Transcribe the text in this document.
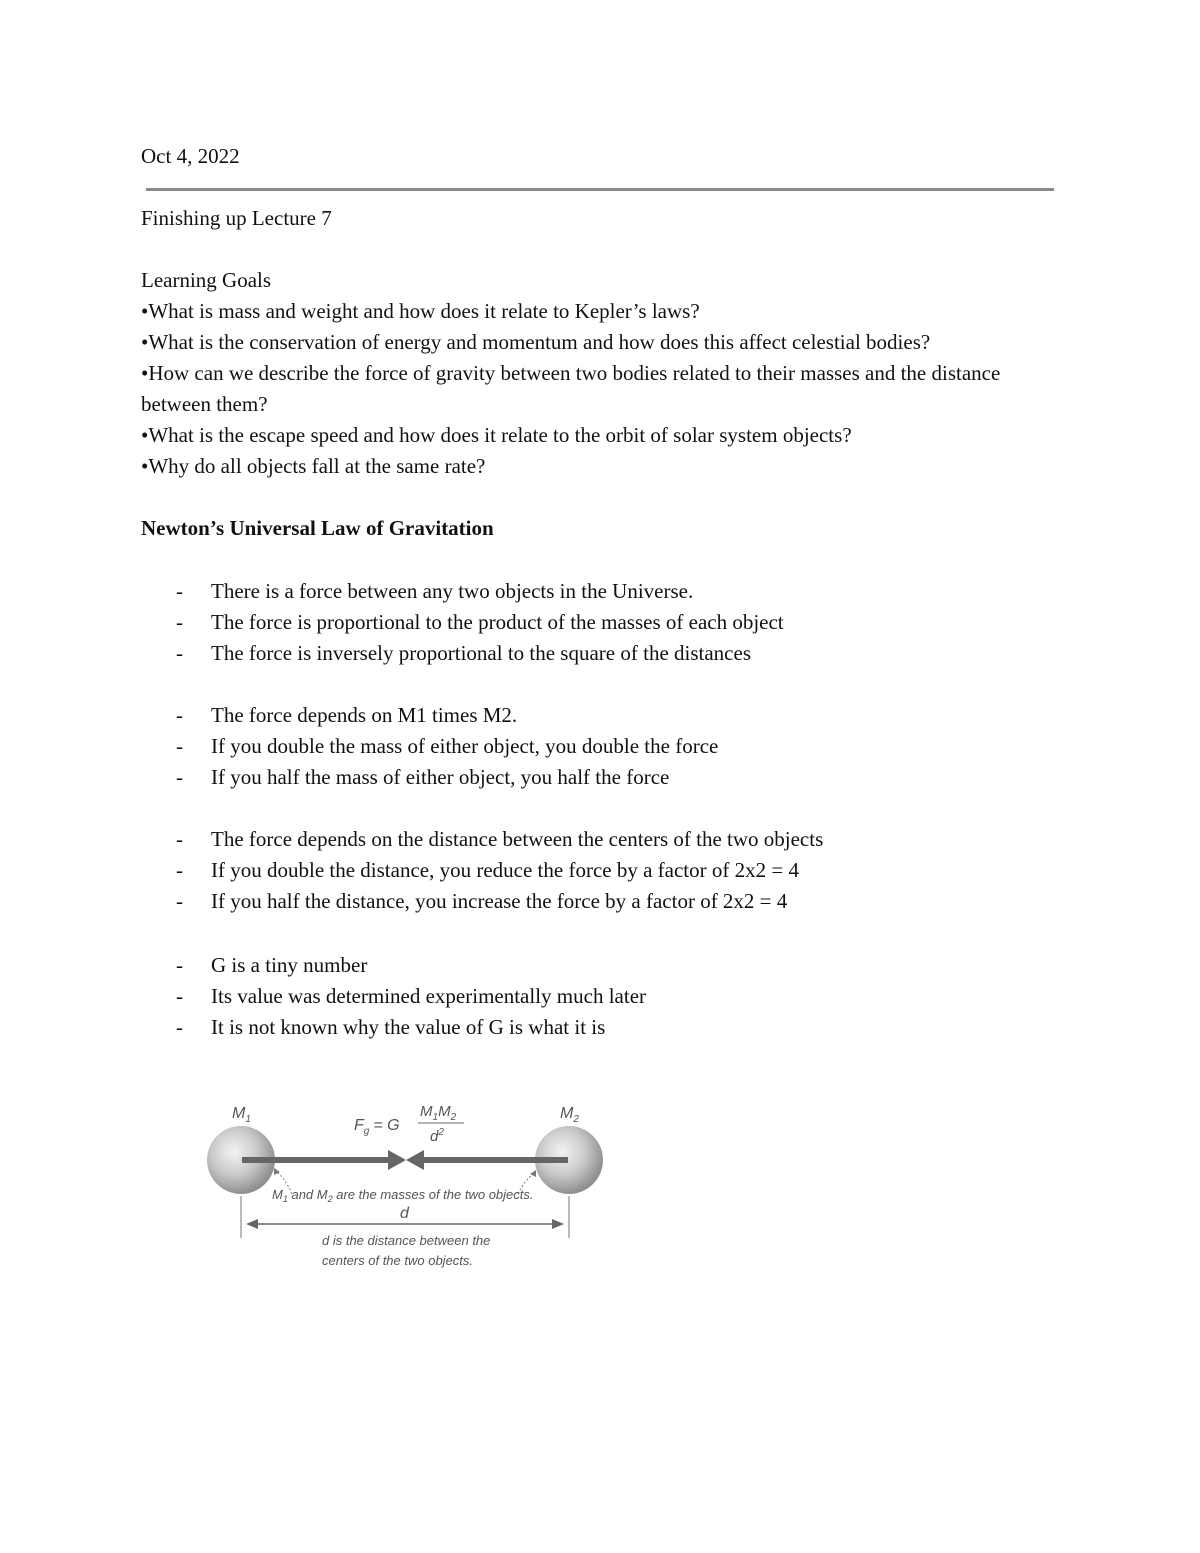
Oct 4, 2022
Finishing up Lecture 7
Learning Goals
•What is mass and weight and how does it relate to Kepler’s laws?
•What is the conservation of energy and momentum and how does this affect celestial bodies?
•How can we describe the force of gravity between two bodies related to their masses and the distance between them?
•What is the escape speed and how does it relate to the orbit of solar system objects?
•Why do all objects fall at the same rate?
Newton’s Universal Law of Gravitation
- There is a force between any two objects in the Universe.
- The force is proportional to the product of the masses of each object
- The force is inversely proportional to the square of the distances
- The force depends on M1 times M2.
- If you double the mass of either object, you double the force
- If you half the mass of either object, you half the force
- The force depends on the distance between the centers of the two objects
- If you double the distance, you reduce the force by a factor of 2x2 = 4
- If you half the distance, you increase the force by a factor of 2x2 = 4
- G is a tiny number
- Its value was determined experimentally much later
- It is not known why the value of G is what it is
$M_1$	$M_2$
$F_g = G$
$M_1M_2$
$d^2$
$M_1$ and $M_2$ are the masses of the two objects.
d
d is the distance between the
centers of the two objects.
